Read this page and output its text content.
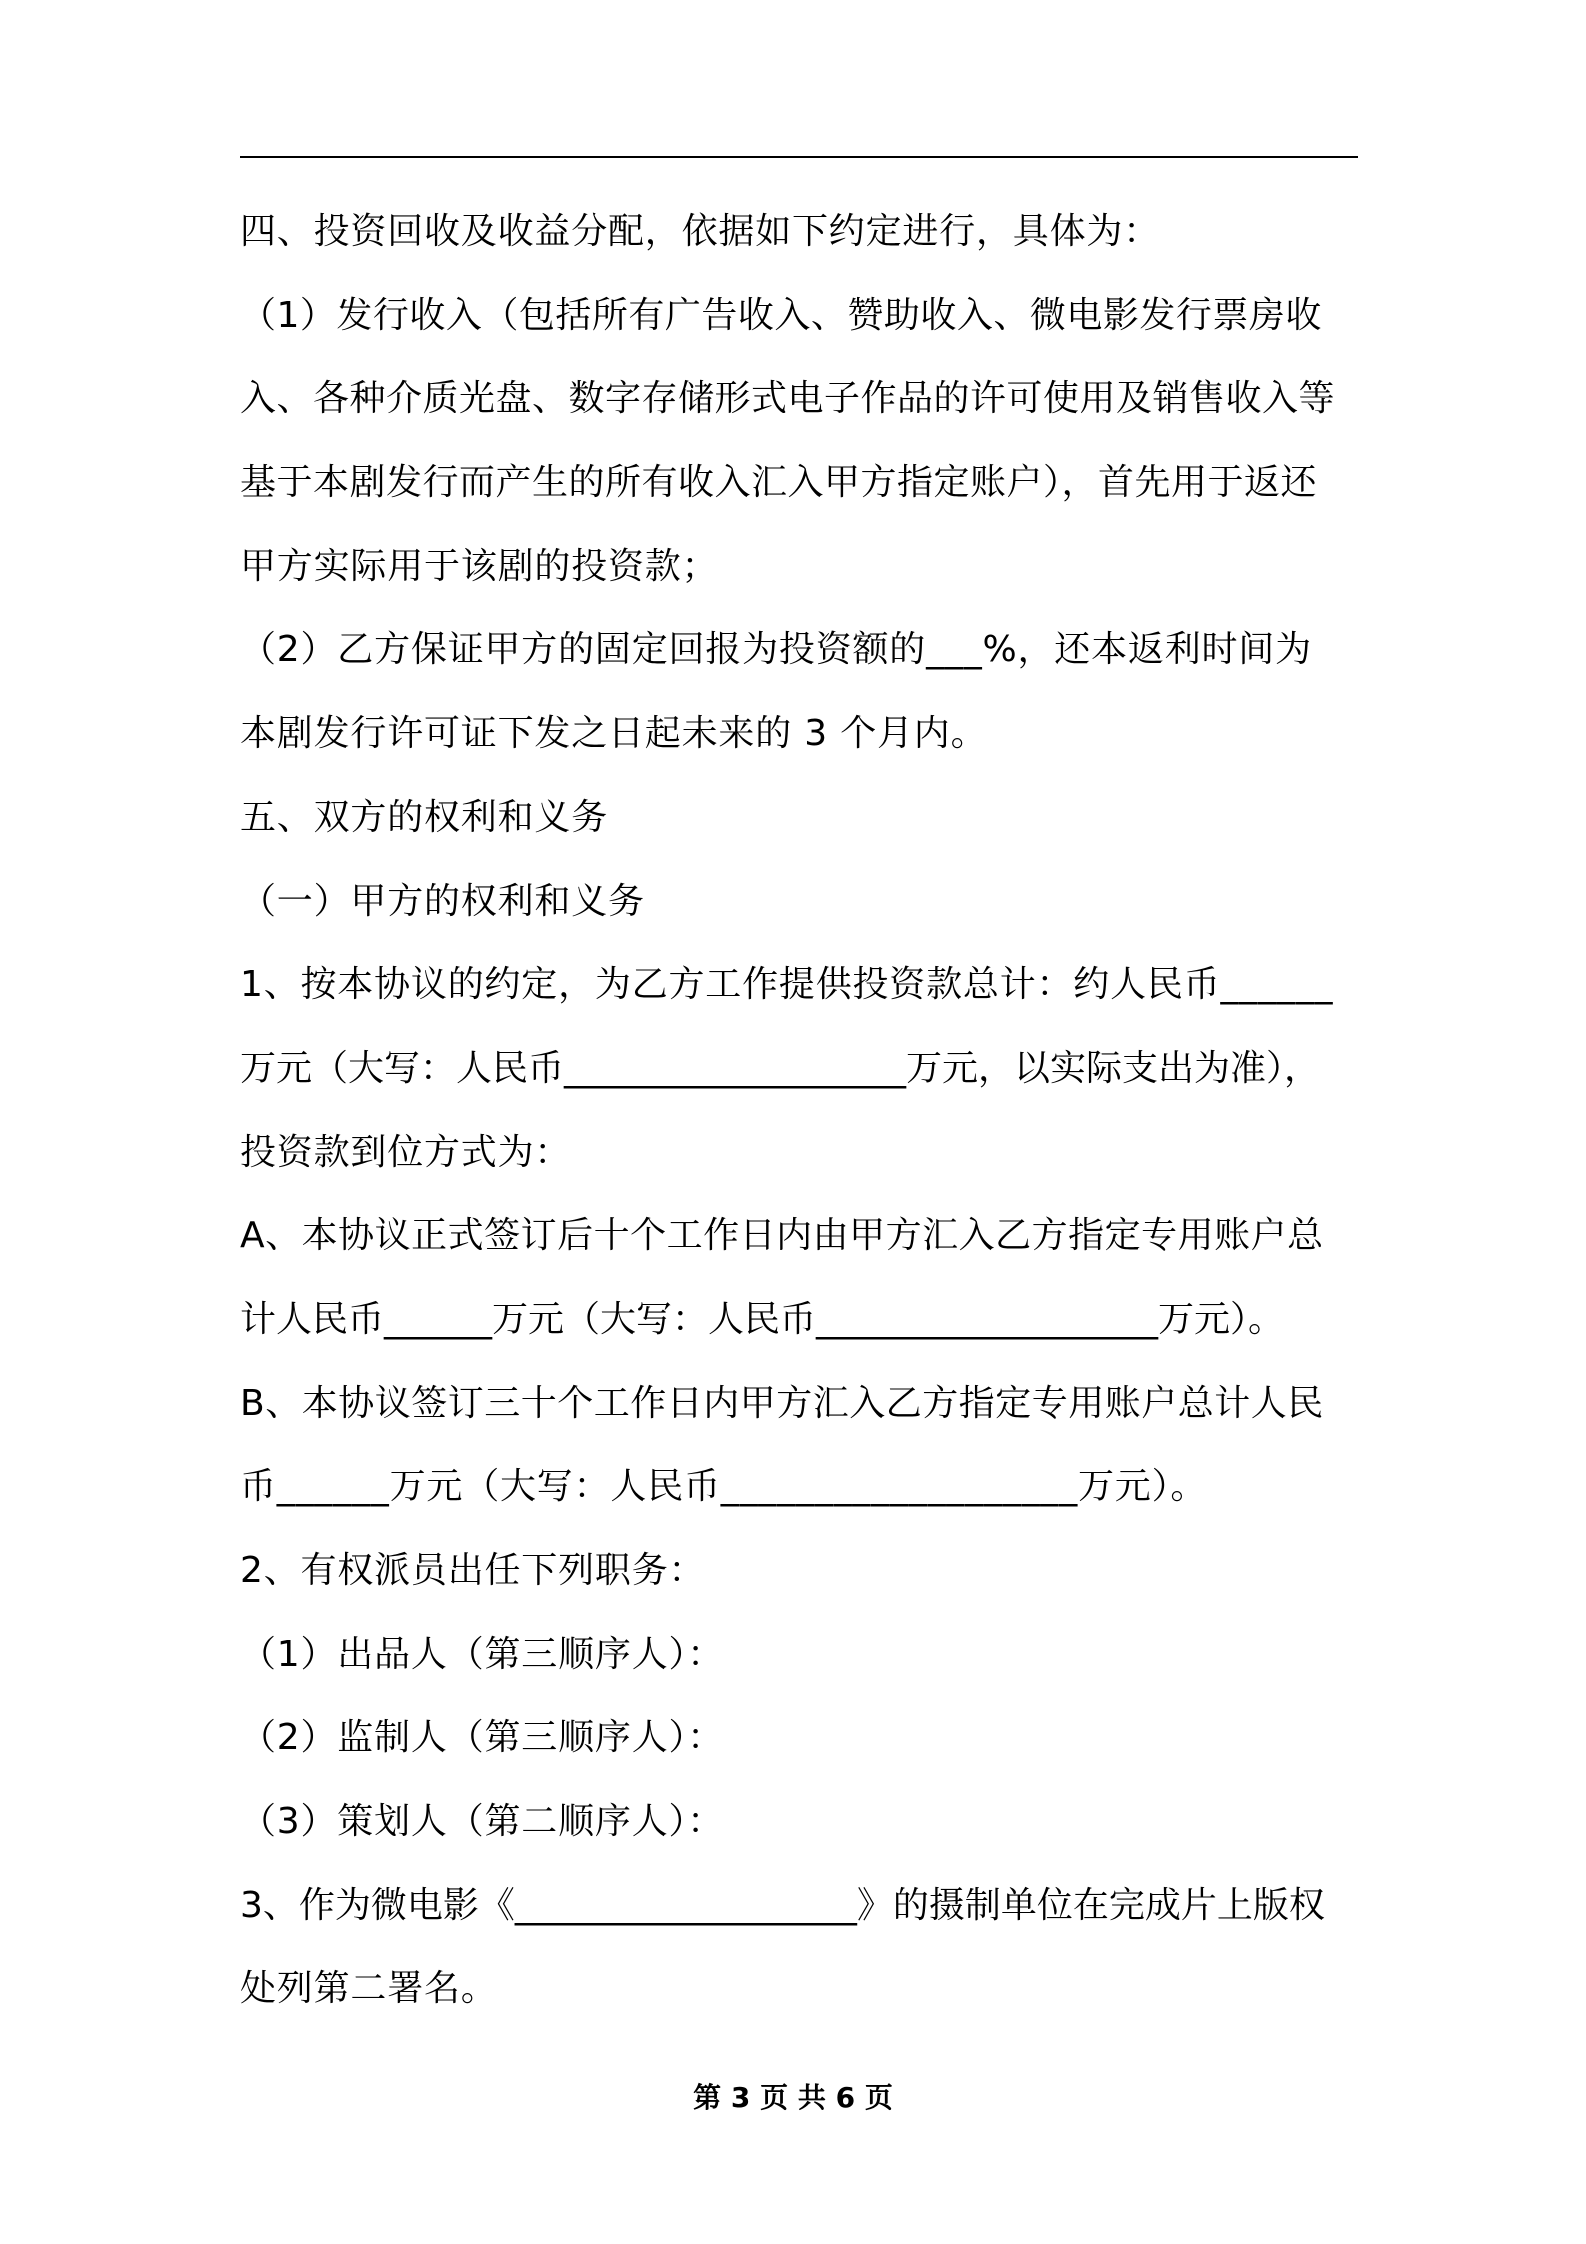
四、投资回收及收益分配，依据如下约定进行，具体为：
（1）发行收入（包括所有广告收入、赞助收入、微电影发行票房收
入、各种介质光盘、数字存储形式电子作品的许可使用及销售收入等
基于本剧发行而产生的所有收入汇入甲方指定账户），首先用于返还
甲方实际用于该剧的投资款；
（2）乙方保证甲方的固定回报为投资额的___%，还本返利时间为
本剧发行许可证下发之日起未来的 3 个月内。
五、双方的权利和义务
（一）甲方的权利和义务
1、按本协议的约定，为乙方工作提供投资款总计：约人民币______
万元（大写：人民币___________________万元，以实际支出为准），
投资款到位方式为：
A、本协议正式签订后十个工作日内由甲方汇入乙方指定专用账户总
计人民币______万元（大写：人民币___________________万元）。
B、本协议签订三十个工作日内甲方汇入乙方指定专用账户总计人民
币______万元（大写：人民币___________________万元）。
2、有权派员出任下列职务：
（1）出品人（第三顺序人）：
（2）监制人（第三顺序人）：
（3）策划人（第二顺序人）：
3、作为微电影《___________________》的摄制单位在完成片上版权
处列第二署名。
第 3 页 共 6 页
